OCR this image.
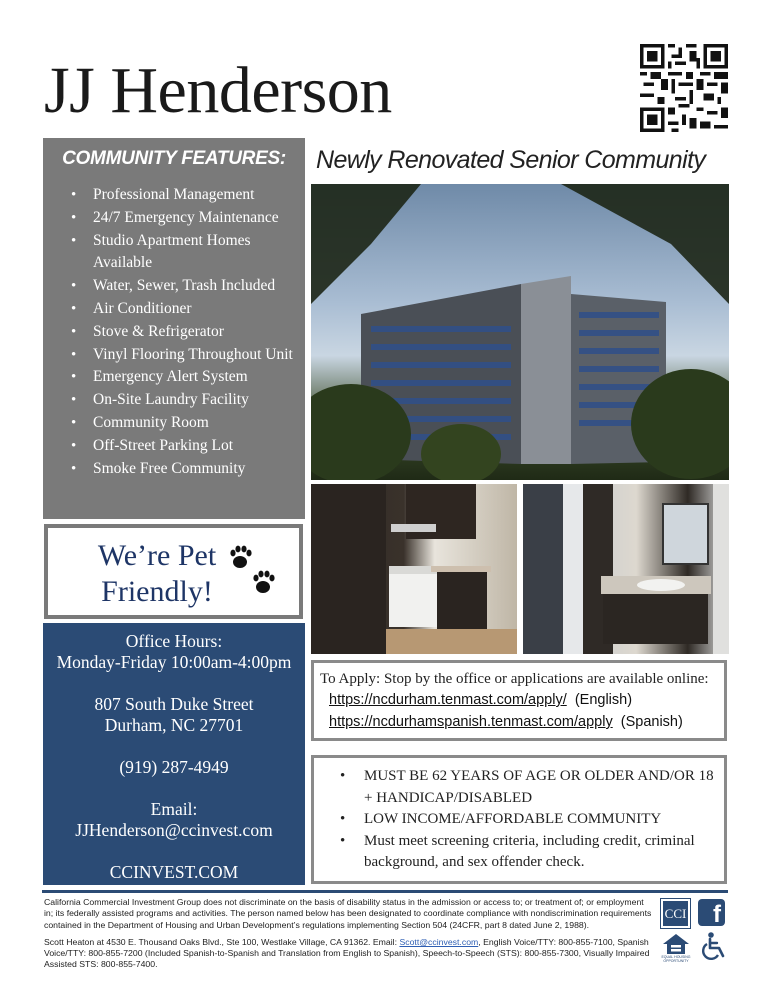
JJ Henderson
COMMUNITY FEATURES:
• Professional Management
• 24/7 Emergency Maintenance
• Studio Apartment Homes Available
• Water, Sewer, Trash Included
• Air Conditioner
• Stove & Refrigerator
• Vinyl Flooring Throughout Unit
• Emergency Alert System
• On-Site Laundry Facility
• Community Room
• Off-Street Parking Lot
• Smoke Free Community
Newly Renovated Senior Community
We’re Pet
Friendly!

Office Hours:

Monday-Friday 10:00am-4:00pm

807 South Duke Street

Durham, NC 27701

(919) 287-4949

Email:

JJHenderson@ccinvest.com

CCINVEST.COM

To Apply: Stop by the office or applications are available online:
https://ncdurham.tenmast.com/apply/ (English)
https://ncdurhamspanish.tenmast.com/apply (Spanish)
• MUST BE 62 YEARS OF AGE OR OLDER AND/OR 18 + HANDICAP/DISABLED
• LOW INCOME/AFFORDABLE COMMUNITY
• Must meet screening criteria, including credit, criminal background, and sex offender check.

California Commercial Investment Group does not discriminate on the basis of disability status in the admission or access to; or treatment of; or employment in; its federally assisted programs and activities. The person named below has been designated to coordinate compliance with nondiscrimination requirements contained in the Department of Housing and Urban Development’s regulations implementing Section 504 (24CFR, part 8 dated June 2, 1988).

Scott Heaton at 4530 E. Thousand Oaks Blvd., Ste 100, Westlake Village, CA 91362. Email: Scott@ccinvest.com, English Voice/TTY: 800-855-7100, Spanish Voice/TTY: 800-855-7200 (Included Spanish-to-Spanish and Translation from English to Spanish), Speech-to-Speech (STS): 800-855-7300, Visually Impaired Assisted STS: 800-855-7400.

CCI	f
EQUAL HOUSING OPPORTUNITY
